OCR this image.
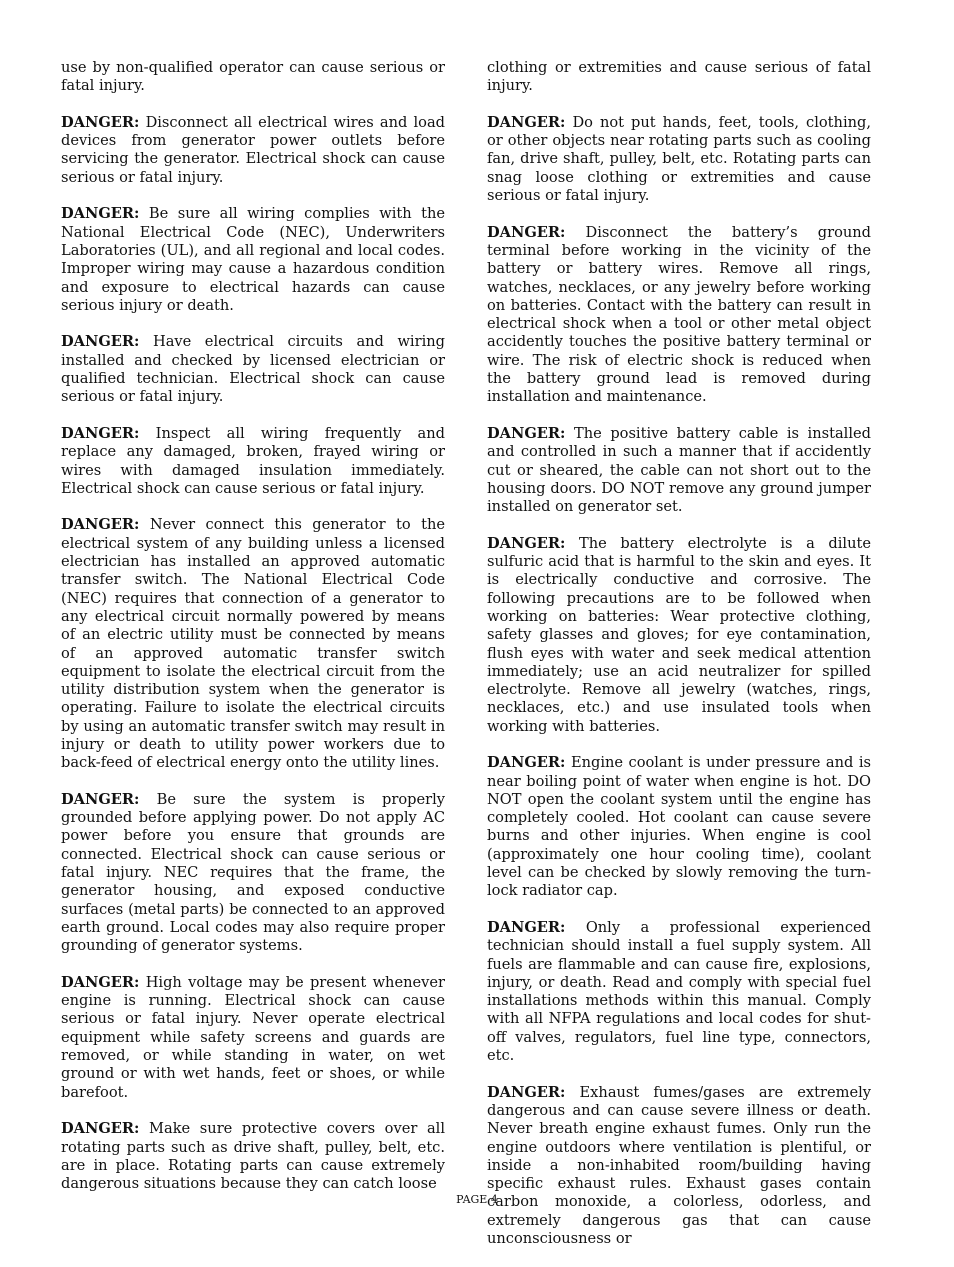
use by non-qualified operator can cause serious or fatal injury.

DANGER: Disconnect all electrical wires and load devices from generator power outlets before servicing the generator. Electrical shock can cause serious or fatal injury.

DANGER: Be sure all wiring complies with the National Electrical Code (NEC), Underwriters Laboratories (UL), and all regional and local codes. Improper wiring may cause a hazardous condition and exposure to electrical hazards can cause serious injury or death.

DANGER: Have electrical circuits and wiring installed and checked by licensed electrician or qualified technician. Electrical shock can cause serious or fatal injury.

DANGER: Inspect all wiring frequently and replace any damaged, broken, frayed wiring or wires with damaged insulation immediately. Electrical shock can cause serious or fatal injury.

DANGER: Never connect this generator to the electrical system of any building unless a licensed electrician has installed an approved automatic transfer switch. The National Electrical Code (NEC) requires that connection of a generator to any electrical circuit normally powered by means of an electric utility must be connected by means of an approved automatic transfer switch equipment to isolate the electrical circuit from the utility distribution system when the generator is operating. Failure to isolate the electrical circuits by using an automatic transfer switch may result in injury or death to utility power workers due to back-feed of electrical energy onto the utility lines.

DANGER: Be sure the system is properly grounded before applying power. Do not apply AC power before you ensure that grounds are connected. Electrical shock can cause serious or fatal injury. NEC requires that the frame, the generator housing, and exposed conductive surfaces (metal parts) be connected to an approved earth ground. Local codes may also require proper grounding of generator systems.

DANGER: High voltage may be present whenever engine is running. Electrical shock can cause serious or fatal injury. Never operate electrical equipment while safety screens and guards are removed, or while standing in water, on wet ground or with wet hands, feet or shoes, or while barefoot.

DANGER: Make sure protective covers over all rotating parts such as drive shaft, pulley, belt, etc. are in place. Rotating parts can cause extremely dangerous situations because they can catch loose

clothing or extremities and cause serious of fatal injury.

DANGER: Do not put hands, feet, tools, clothing, or other objects near rotating parts such as cooling fan, drive shaft, pulley, belt, etc. Rotating parts can snag loose clothing or extremities and cause serious or fatal injury.

DANGER: Disconnect the battery’s ground terminal before working in the vicinity of the battery or battery wires. Remove all rings, watches, necklaces, or any jewelry before working on batteries. Contact with the battery can result in electrical shock when a tool or other metal object accidently touches the positive battery terminal or wire. The risk of electric shock is reduced when the battery ground lead is removed during installation and maintenance.

DANGER: The positive battery cable is installed and controlled in such a manner that if accidently cut or sheared, the cable can not short out to the housing doors. DO NOT remove any ground jumper installed on generator set.

DANGER: The battery electrolyte is a dilute sulfuric acid that is harmful to the skin and eyes. It is electrically conductive and corrosive. The following precautions are to be followed when working on batteries: Wear protective clothing, safety glasses and gloves; for eye contamination, flush eyes with water and seek medical attention immediately; use an acid neutralizer for spilled electrolyte. Remove all jewelry (watches, rings, necklaces, etc.) and use insulated tools when working with batteries.

DANGER: Engine coolant is under pressure and is near boiling point of water when engine is hot. DO NOT open the coolant system until the engine has completely cooled. Hot coolant can cause severe burns and other injuries. When engine is cool (approximately one hour cooling time), coolant level can be checked by slowly removing the turn-lock radiator cap.

DANGER: Only a professional experienced technician should install a fuel supply system. All fuels are flammable and can cause fire, explosions, injury, or death. Read and comply with special fuel installations methods within this manual. Comply with all NFPA regulations and local codes for shut-off valves, regulators, fuel line type, connectors, etc.

DANGER: Exhaust fumes/gases are extremely dangerous and can cause severe illness or death. Never breath engine exhaust fumes. Only run the engine outdoors where ventilation is plentiful, or inside a non-inhabited room/building having specific exhaust rules. Exhaust gases contain carbon monoxide, a colorless, odorless, and extremely dangerous gas that can cause unconsciousness or

PAGE 4
